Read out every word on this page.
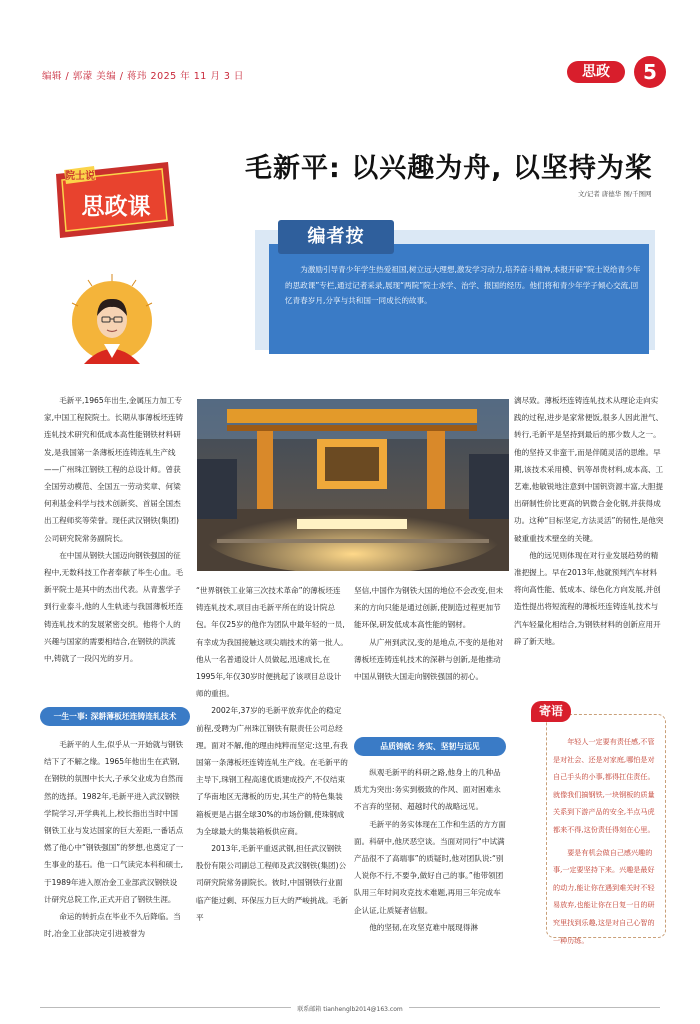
编辑 / 郭濛 美编 / 蒋玮 2025 年 11 月 3 日	思政	5
院士说
思政课
毛新平: 以兴趣为舟, 以坚持为桨
文/记者 唐德华 图/千图网
编者按
为激励引导青少年学生热爱祖国,树立远大理想,激发学习动力,培养奋斗精神,本报开辟“院士说给青少年的思政课”专栏,通过记者采录,展现“两院”院士求学、治学、报国的经历。他们将和青少年学子倾心交流,回忆青春岁月,分享与共和国一同成长的故事。

毛新平,1965年出生,金属压力加工专家,中国工程院院士。长期从事薄板坯连铸连轧技术研究和低成本高性能钢铁材料研发,是我国第一条薄板坯连铸连轧生产线——广州珠江钢铁工程的总设计师。曾获全国劳动模范、全国五一劳动奖章、何梁何利基金科学与技术创新奖、首届全国杰出工程师奖等荣誉。现任武汉钢铁(集团)公司研究院常务副院长。

在中国从钢铁大国迈向钢铁强国的征程中,无数科技工作者奉献了毕生心血。毛新平院士是其中的杰出代表。从青葱学子到行业泰斗,他的人生轨迹与我国薄板坯连铸连轧技术的发展紧密交织。他将个人的兴趣与国家的需要相结合,在钢铁的洪流中,铸就了一段闪光的岁月。

一生一事: 深耕薄板坯连铸连轧技术

毛新平的人生,似乎从一开始就与钢铁结下了不解之缘。1965年他出生在武钢,在钢铁的氛围中长大,子承父业成为自然而然的选择。1982年,毛新平进入武汉钢铁学院学习,开学典礼上,校长指出当时中国钢铁工业与发达国家的巨大差距,一番话点燃了他心中“钢铁强国”的梦想,也奠定了一生事业的基石。他一口气读完本科和硕士,于1989年进入原冶金工业部武汉钢铁设计研究总院工作,正式开启了钢铁生涯。

命运的转折点在毕业不久后降临。当时,冶金工业部决定引进被誉为

“世界钢铁工业第三次技术革命”的薄板坯连铸连轧技术,项目由毛新平所在的设计院总包。年仅25岁的他作为团队中最年轻的一员,有幸成为我国接触这项尖端技术的第一批人。他从一名普通设计人员做起,迅速成长,在1995年,年仅30岁时便挑起了该项目总设计师的重担。

2002年,37岁的毛新平放弃优企的稳定前程,受聘为广州珠江钢铁有限责任公司总经理。面对不解,他的理由纯粹而坚定:这里,有我国第一条薄板坯连铸连轧生产线。在毛新平的主导下,珠钢工程高速优质建成投产,不仅结束了华南地区无薄板的历史,其生产的特色集装箱板更是占据全球30%的市场份额,使珠钢成为全球最大的集装箱板供应商。

2013年,毛新平重返武钢,担任武汉钢铁股份有限公司副总工程师及武汉钢铁(集团)公司研究院常务副院长。彼时,中国钢铁行业面临产能过剩、环保压力巨大的严峻挑战。毛新平

坚信,中国作为钢铁大国的地位不会改变,但未来的方向只能是通过创新,使制造过程更加节能环保,研发低成本高性能的钢材。

从广州到武汉,变的是地点,不变的是他对薄板坯连铸连轧技术的深耕与创新,是他推动中国从钢铁大国走向钢铁强国的初心。

品质铸就: 务实、坚韧与远见

纵观毛新平的科研之路,他身上的几种品质尤为突出:务实到极致的作风、面对困难永不言弃的坚韧、超越时代的战略远见。

毛新平的务实体现在工作和生活的方方面面。科研中,他厌恶空谈。当面对同行“中试满产品很不了高端事”的质疑时,他对团队说:“别人说你不行,不要争,做好自己的事。”他带领团队用三年时间攻克技术难题,再用三年完成车企认证,让质疑者信服。

他的坚韧,在攻坚克难中展现得淋

漓尽致。薄板坯连铸连轧技术从理论走向实践的过程,进步是家常便饭,很多人因此泄气、转行,毛新平是坚持到最后的那少数人之一。他的坚持又非蛮干,而是伴随灵活的思维。早期,该技术采用模、钒等昂贵材料,成本高、工艺难,他敏锐地注意到中国钒资源丰富,大胆提出研制性价比更高的钒微合金化钢,并获得成功。这种“目标坚定,方法灵活”的韧性,是他突破重重技术壁垒的关键。

他的远见则体现在对行业发展趋势的精准把握上。早在2013年,他就预判汽车材料将向高性能、低成本、绿色化方向发展,并创造性提出将短流程的薄板坯连铸连轧技术与汽车轻量化相结合,为钢铁材料的创新应用开辟了新天地。

寄语

年轻人一定要有责任感,不管是对社会、还是对家庭,哪怕是对自己手头的小事,都得扛住责任。就像我们搞钢铁,一块钢板的质量关系到下游产品的安全,半点马虎都来不得,这份责任得刻在心里。

要是有机会做自己感兴趣的事,一定要坚持下来。兴趣是最好的动力,能让你在遇到难关时不轻易放弃,也能让你在日复一日的研究里找到乐趣,这是对自己心智的一种历练。

联系邮箱 tianhenglb2014@163.com
